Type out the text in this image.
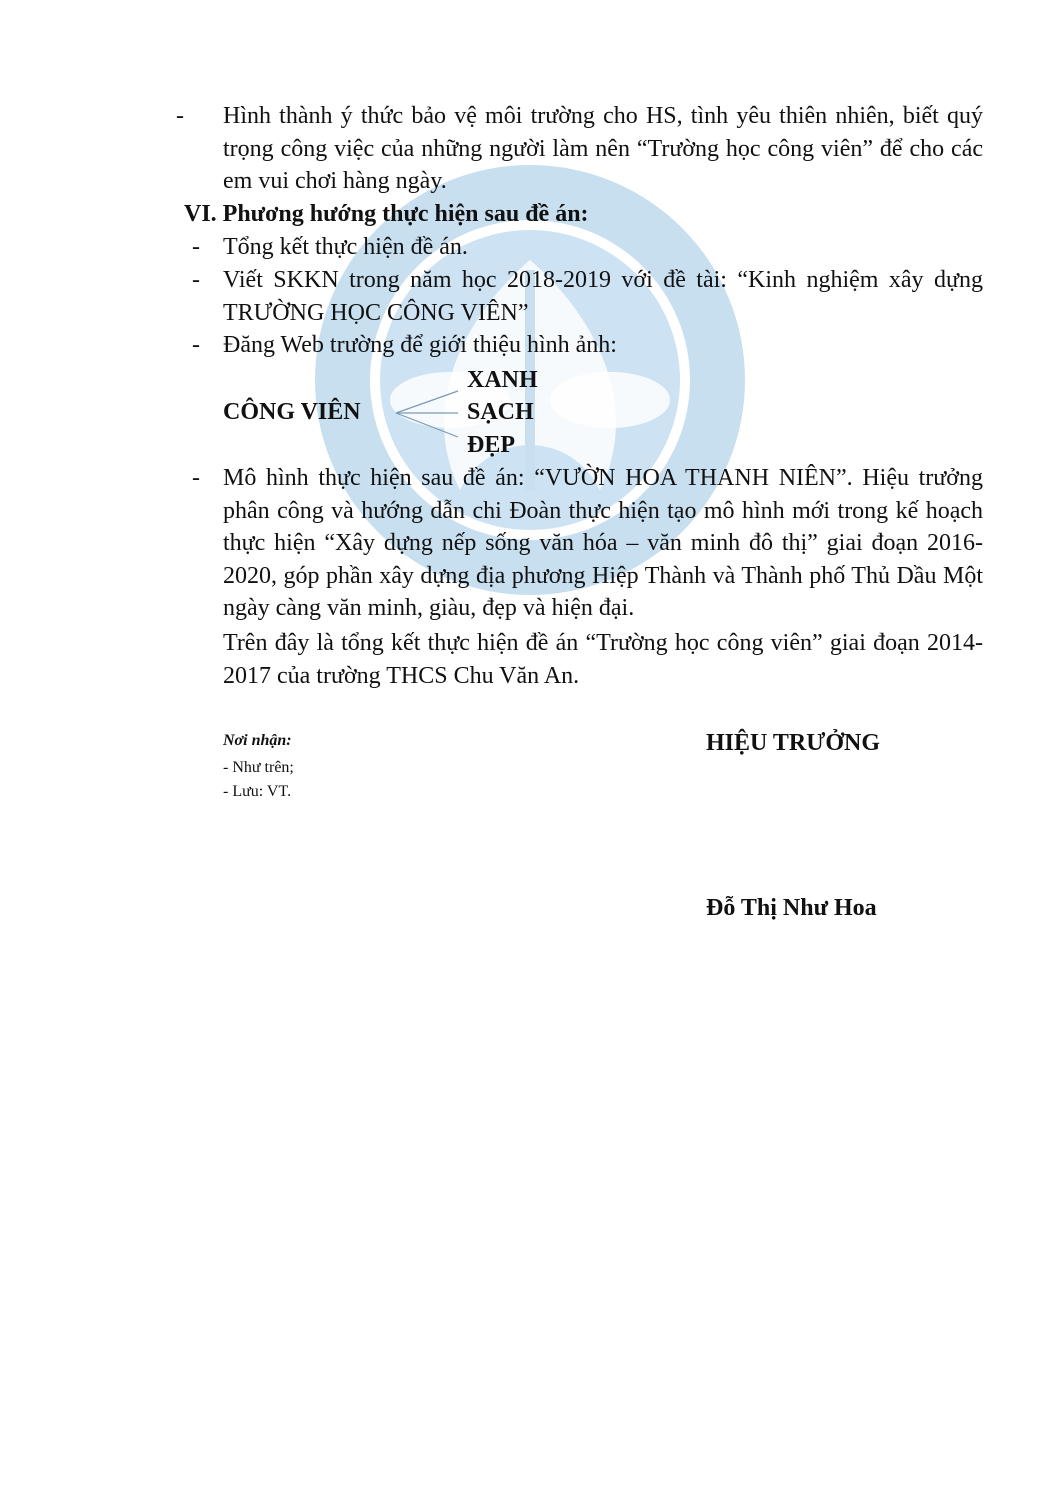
- Hình thành ý thức bảo vệ môi trường cho HS, tình yêu thiên nhiên, biết quý trọng công việc của những người làm nên “Trường học công viên” để cho các em vui chơi hàng ngày.
VI. Phương hướng thực hiện sau đề án:
- Tổng kết thực hiện đề án.
- Viết SKKN trong năm học 2018-2019 với đề tài: “Kinh nghiệm xây dựng TRƯỜNG HỌC CÔNG VIÊN”
- Đăng Web trường để giới thiệu hình ảnh:
CÔNG VIÊN
XANH
SẠCH
ĐẸP
- Mô hình thực hiện sau đề án: “VƯỜN HOA THANH NIÊN”. Hiệu trưởng phân công và hướng dẫn chi Đoàn thực hiện tạo mô hình mới trong kế hoạch thực hiện “Xây dựng nếp sống văn hóa – văn minh đô thị” giai đoạn 2016-2020, góp phần xây dựng địa phương Hiệp Thành và Thành phố Thủ Dầu Một ngày càng văn minh, giàu, đẹp và hiện đại.
Trên đây là tổng kết thực hiện đề án “Trường học công viên” giai đoạn 2014-2017 của trường THCS Chu Văn An.
Nơi nhận:
- Như trên;
- Lưu: VT.
HIỆU TRƯỞNG
Đỗ Thị Như Hoa
